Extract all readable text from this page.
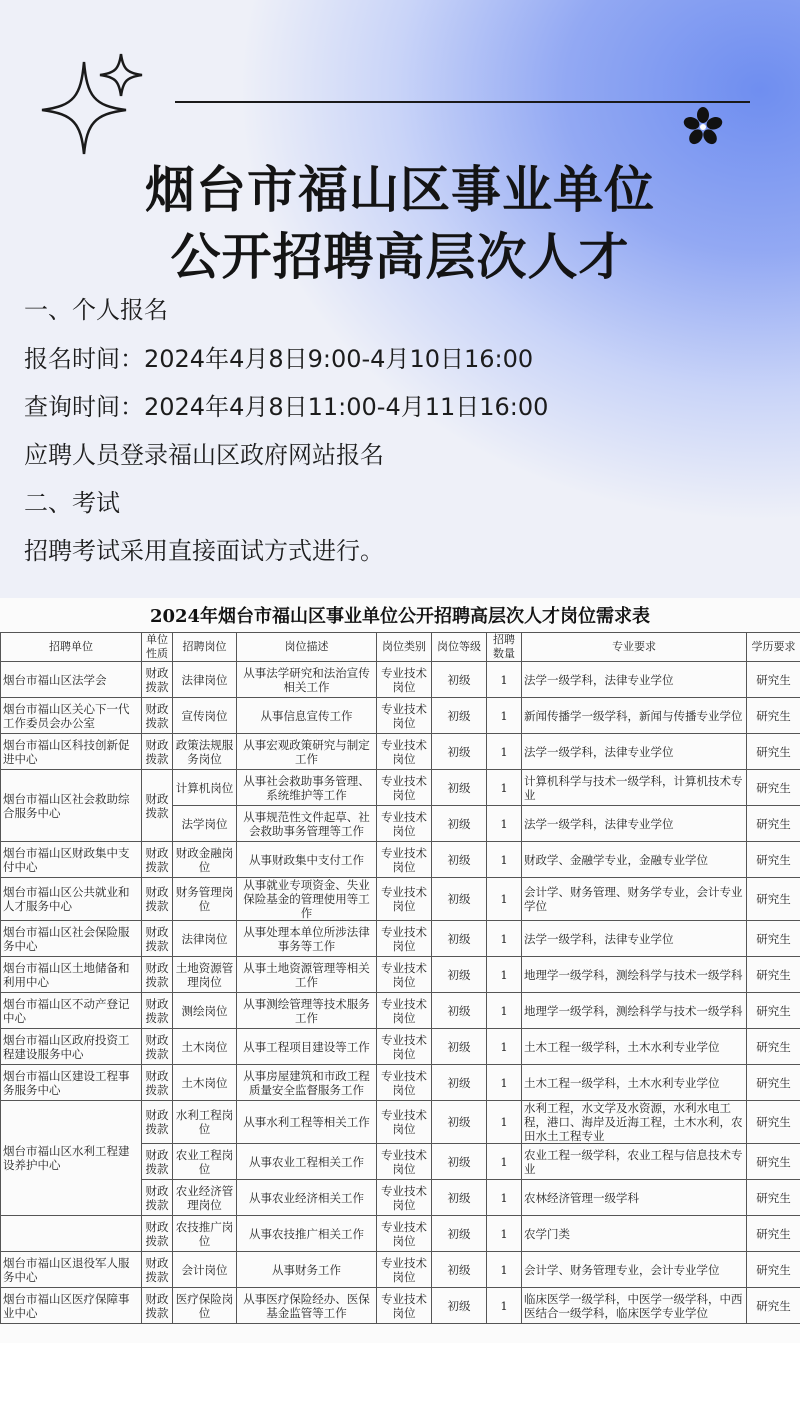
烟台市福山区事业单位
公开招聘高层次人才
一、个人报名
报名时间：2024年4月8日9:00-4月10日16:00
查询时间：2024年4月8日11:00-4月11日16:00
应聘人员登录福山区政府网站报名
二、考试
招聘考试采用直接面试方式进行。
2024年烟台市福山区事业单位公开招聘高层次人才岗位需求表
招聘单位	单位性质	招聘岗位	岗位描述	岗位类别	岗位等级	招聘数量	专业要求	学历要求
烟台市福山区法学会	财政拨款	法律岗位	从事法学研究和法治宣传相关工作	专业技术岗位	初级	1	法学一级学科，法律专业学位	研究生
烟台市福山区关心下一代工作委员会办公室	财政拨款	宣传岗位	从事信息宣传工作	专业技术岗位	初级	1	新闻传播学一级学科，新闻与传播专业学位	研究生
烟台市福山区科技创新促进中心	财政拨款	政策法规服务岗位	从事宏观政策研究与制定工作	专业技术岗位	初级	1	法学一级学科，法律专业学位	研究生
烟台市福山区社会救助综合服务中心	财政拨款	计算机岗位	从事社会救助事务管理、系统维护等工作	专业技术岗位	初级	1	计算机科学与技术一级学科，计算机技术专业	研究生
		法学岗位	从事规范性文件起草、社会救助事务管理等工作	专业技术岗位	初级	1	法学一级学科，法律专业学位	研究生
烟台市福山区财政集中支付中心	财政拨款	财政金融岗位	从事财政集中支付工作	专业技术岗位	初级	1	财政学、金融学专业，金融专业学位	研究生
烟台市福山区公共就业和人才服务中心	财政拨款	财务管理岗位	从事就业专项资金、失业保险基金的管理使用等工作	专业技术岗位	初级	1	会计学、财务管理、财务学专业，会计专业学位	研究生
烟台市福山区社会保险服务中心	财政拨款	法律岗位	从事处理本单位所涉法律事务等工作	专业技术岗位	初级	1	法学一级学科，法律专业学位	研究生
烟台市福山区土地储备和利用中心	财政拨款	土地资源管理岗位	从事土地资源管理等相关工作	专业技术岗位	初级	1	地理学一级学科，测绘科学与技术一级学科	研究生
烟台市福山区不动产登记中心	财政拨款	测绘岗位	从事测绘管理等技术服务工作	专业技术岗位	初级	1	地理学一级学科，测绘科学与技术一级学科	研究生
烟台市福山区政府投资工程建设服务中心	财政拨款	土木岗位	从事工程项目建设等工作	专业技术岗位	初级	1	土木工程一级学科，土木水利专业学位	研究生
烟台市福山区建设工程事务服务中心	财政拨款	土木岗位	从事房屋建筑和市政工程质量安全监督服务工作	专业技术岗位	初级	1	土木工程一级学科，土木水利专业学位	研究生
烟台市福山区水利工程建设养护中心	财政拨款	水利工程岗位	从事水利工程等相关工作	专业技术岗位	初级	1	水利工程，水文学及水资源，水利水电工程，港口、海岸及近海工程，土木水利，农田水土工程专业	研究生
	财政拨款	农业工程岗位	从事农业工程相关工作	专业技术岗位	初级	1	农业工程一级学科，农业工程与信息技术专业	研究生
	财政拨款	农业经济管理岗位	从事农业经济相关工作	专业技术岗位	初级	1	农林经济管理一级学科	研究生
	财政拨款	农技推广岗位	从事农技推广相关工作	专业技术岗位	初级	1	农学门类	研究生
烟台市福山区退役军人服务中心	财政拨款	会计岗位	从事财务工作	专业技术岗位	初级	1	会计学、财务管理专业，会计专业学位	研究生
烟台市福山区医疗保障事业中心	财政拨款	医疗保险岗位	从事医疗保险经办、医保基金监管等工作	专业技术岗位	初级	1	临床医学一级学科，中医学一级学科，中西医结合一级学科，临床医学专业学位	研究生
